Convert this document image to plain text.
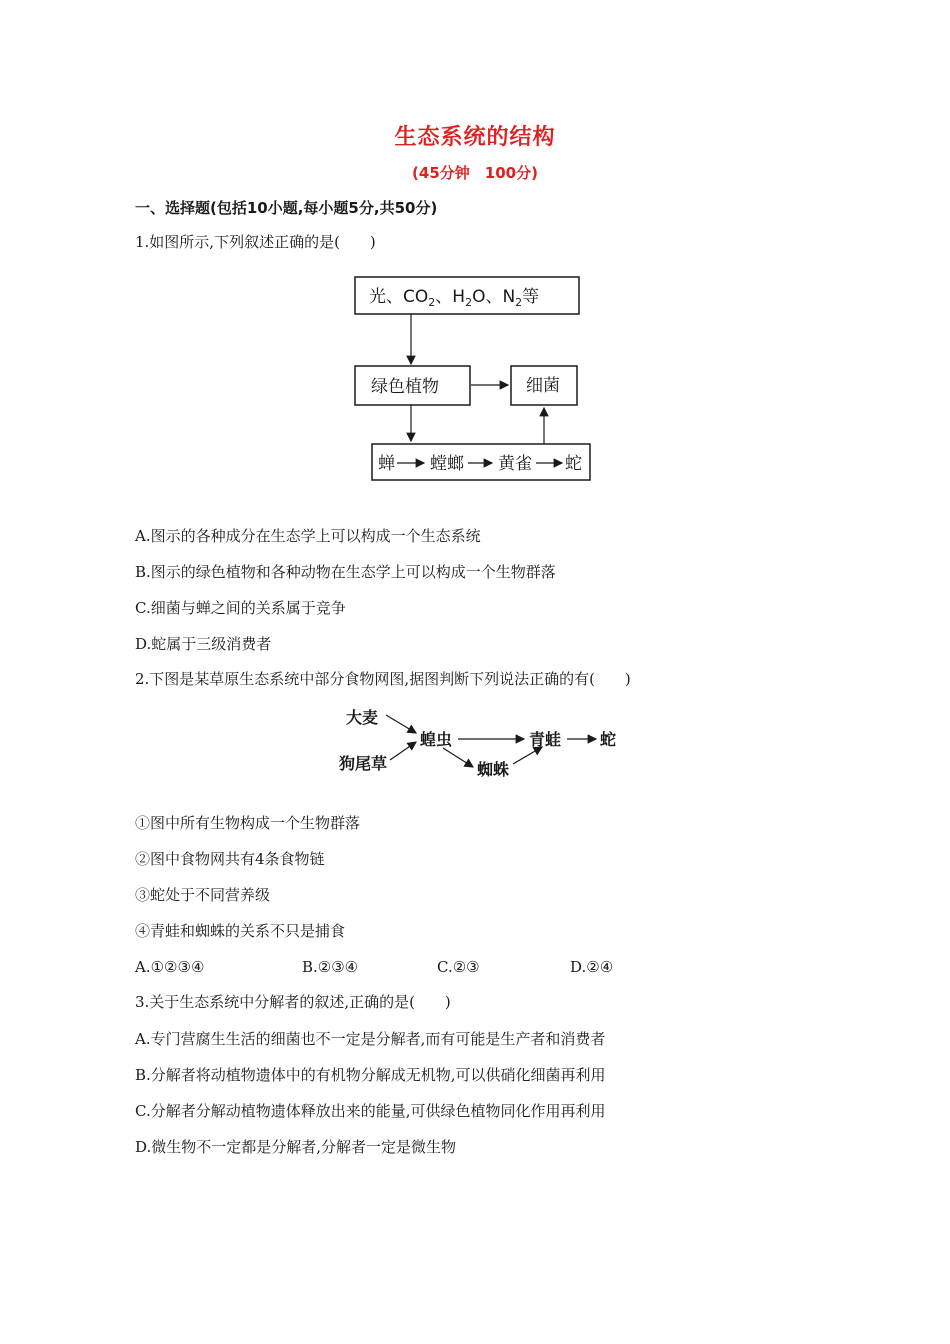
生态系统的结构
(45分钟　100分)
一、选择题(包括10小题,每小题5分,共50分)
1.如图所示,下列叙述正确的是(　　)
光、$CO_2$、$H_2O$、$N_2$等
绿色植物	细菌
蝉 螳螂 黄雀 蛇
A.图示的各种成分在生态学上可以构成一个生态系统
B.图示的绿色植物和各种动物在生态学上可以构成一个生物群落
C.细菌与蝉之间的关系属于竞争
D.蛇属于三级消费者
2.下图是某草原生态系统中部分食物网图,据图判断下列说法正确的有(　　)
大麦
狗尾草
蝗虫	青蛙 蛇
蜘蛛
①图中所有生物构成一个生物群落
②图中食物网共有4条食物链
③蛇处于不同营养级
④青蛙和蜘蛛的关系不只是捕食
A.①②③④	B.②③④	C.②③	D.②④
3.关于生态系统中分解者的叙述,正确的是(　　)
A.专门营腐生生活的细菌也不一定是分解者,而有可能是生产者和消费者
B.分解者将动植物遗体中的有机物分解成无机物,可以供硝化细菌再利用
C.分解者分解动植物遗体释放出来的能量,可供绿色植物同化作用再利用
D.微生物不一定都是分解者,分解者一定是微生物
